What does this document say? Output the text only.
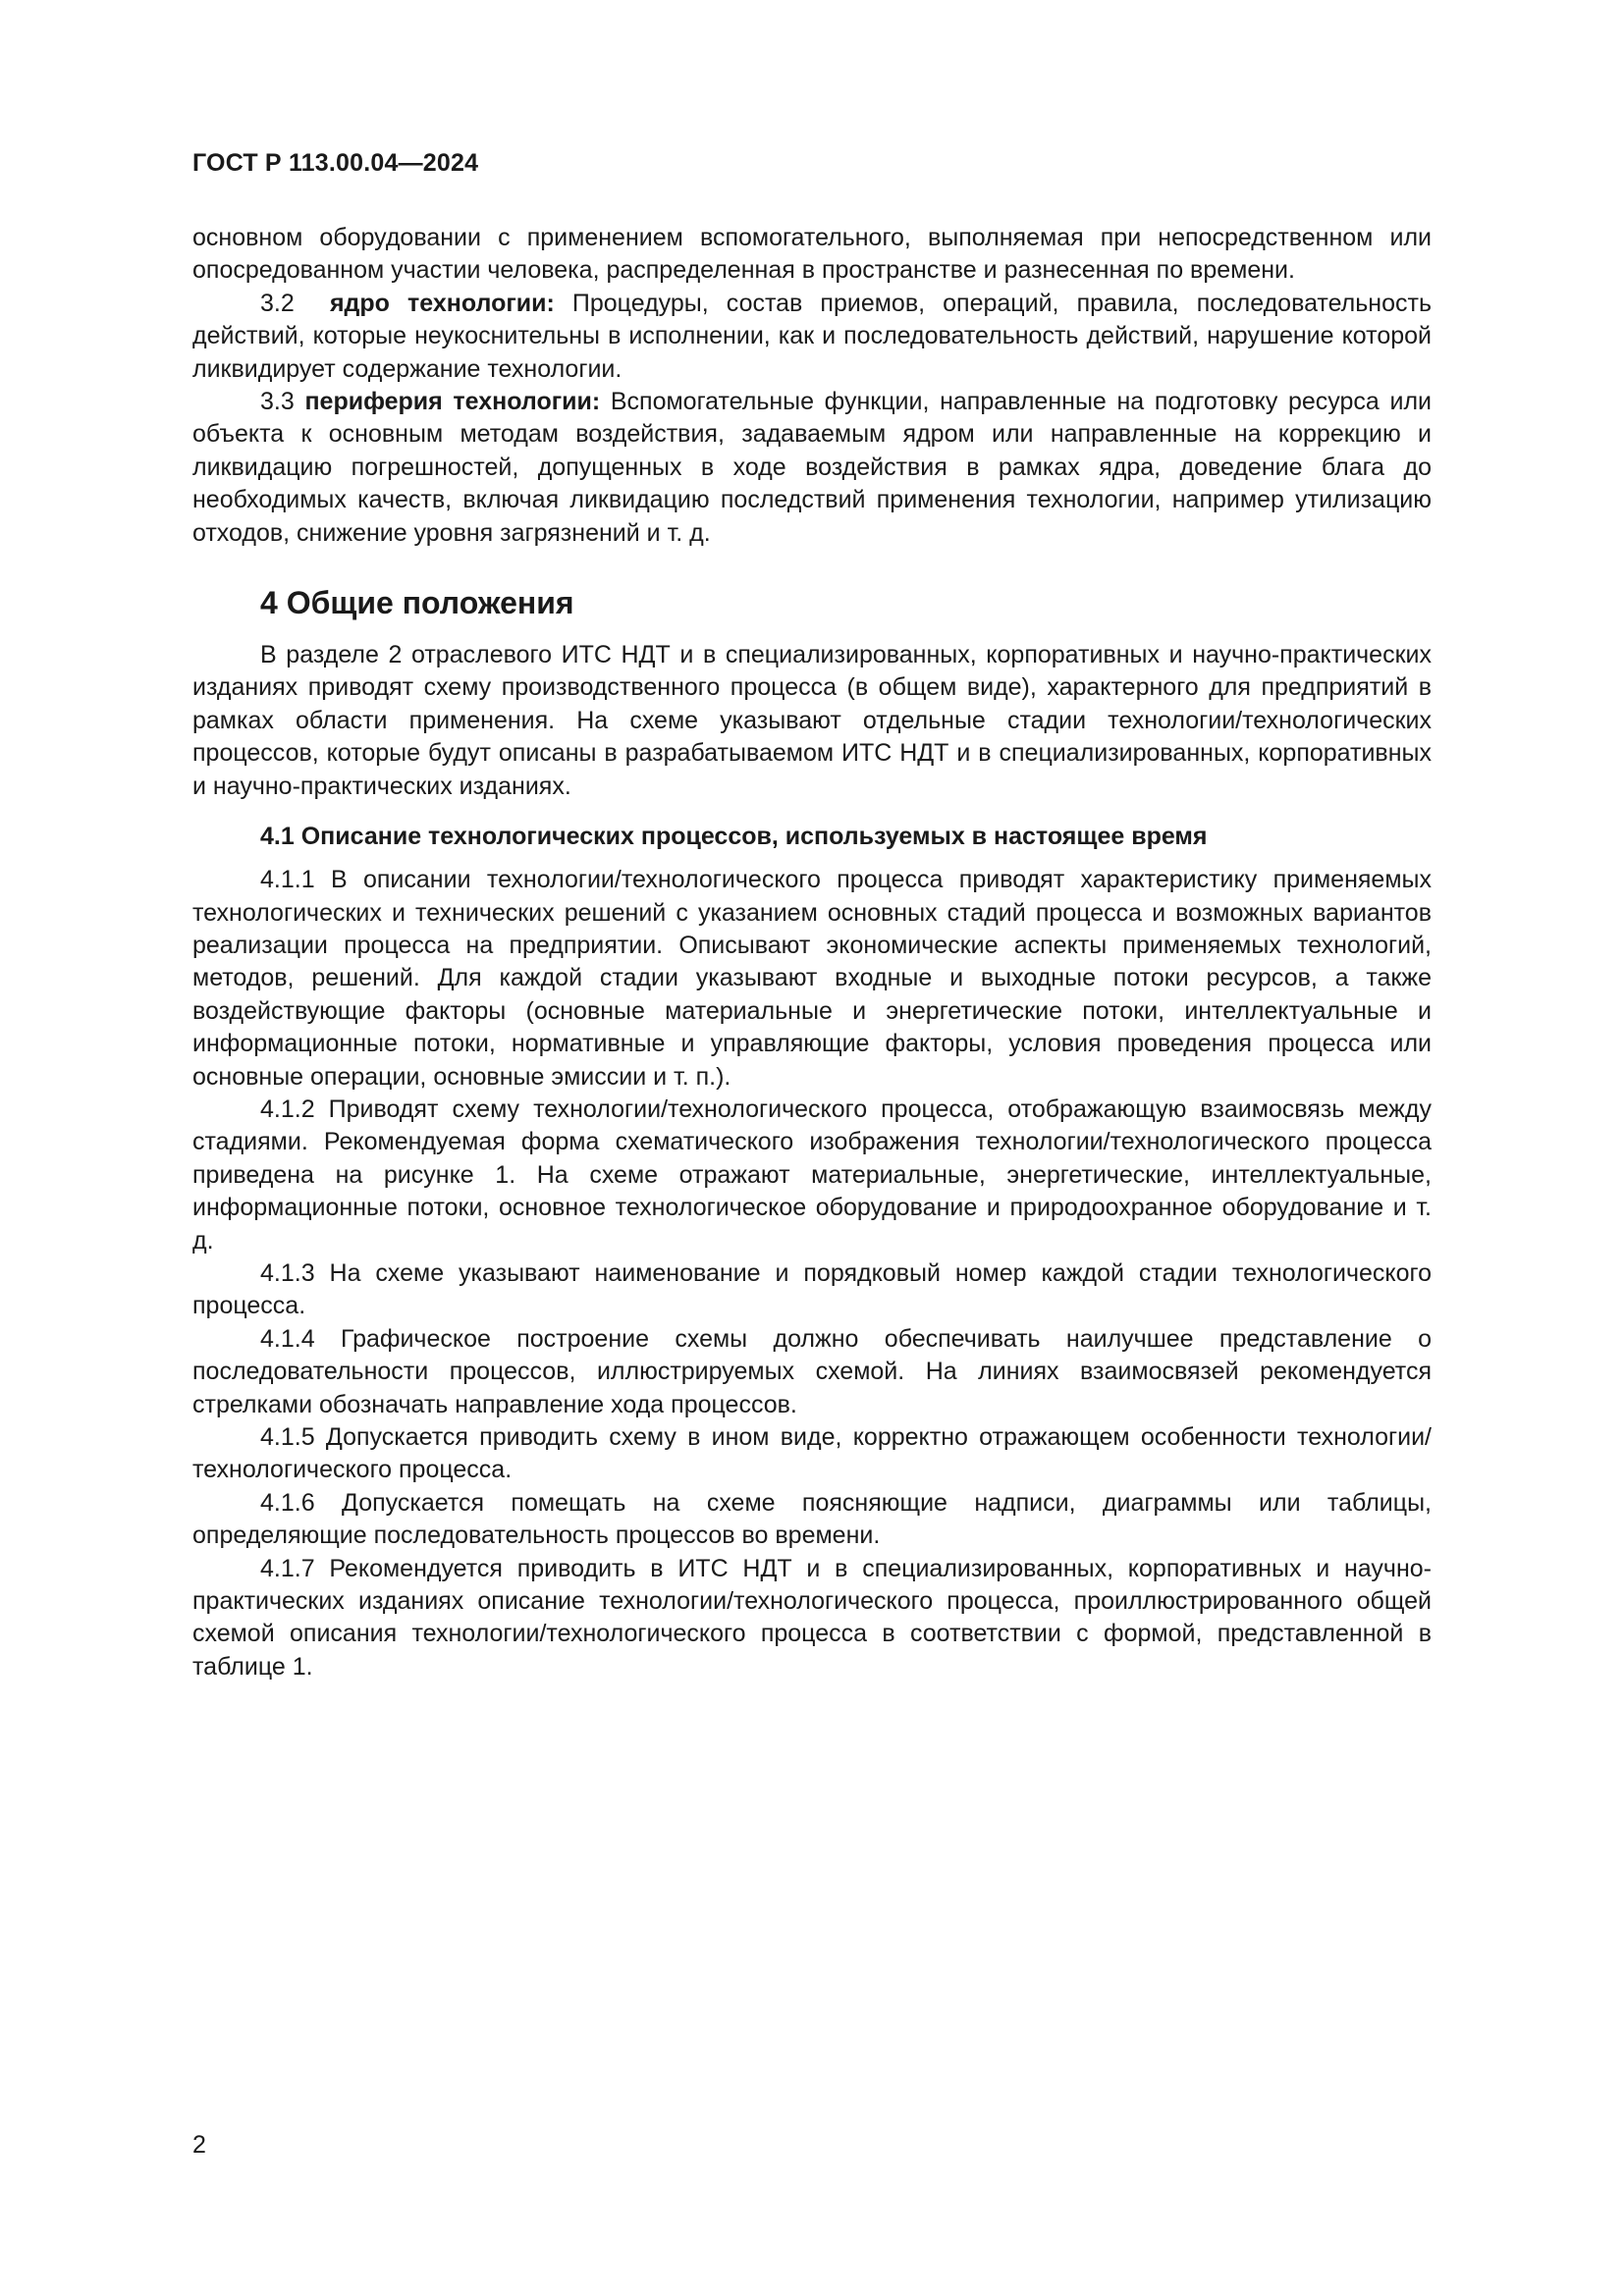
ГОСТ Р 113.00.04—2024

основном оборудовании с применением вспомогательного, выполняемая при непосредственном или опосредованном участии человека, распределенная в пространстве и разнесенная по времени.

3.2 ядро технологии: Процедуры, состав приемов, операций, правила, последовательность действий, которые неукоснительны в исполнении, как и последовательность действий, нарушение которой ликвидирует содержание технологии.

3.3 периферия технологии: Вспомогательные функции, направленные на подготовку ресурса или объекта к основным методам воздействия, задаваемым ядром или направленные на коррекцию и ликвидацию погрешностей, допущенных в ходе воздействия в рамках ядра, доведение блага до необходимых качеств, включая ликвидацию последствий применения технологии, например утилизацию отходов, снижение уровня загрязнений и т. д.

4 Общие положения

В разделе 2 отраслевого ИТС НДТ и в специализированных, корпоративных и научно-практических изданиях приводят схему производственного процесса (в общем виде), характерного для предприятий в рамках области применения. На схеме указывают отдельные стадии технологии/технологических процессов, которые будут описаны в разрабатываемом ИТС НДТ и в специализированных, корпоративных и научно-практических изданиях.

4.1 Описание технологических процессов, используемых в настоящее время

4.1.1 В описании технологии/технологического процесса приводят характеристику применяемых технологических и технических решений с указанием основных стадий процесса и возможных вариантов реализации процесса на предприятии. Описывают экономические аспекты применяемых технологий, методов, решений. Для каждой стадии указывают входные и выходные потоки ресурсов, а также воздействующие факторы (основные материальные и энергетические потоки, интеллектуальные и информационные потоки, нормативные и управляющие факторы, условия проведения процесса или основные операции, основные эмиссии и т. п.).

4.1.2 Приводят схему технологии/технологического процесса, отображающую взаимосвязь между стадиями. Рекомендуемая форма схематического изображения технологии/технологического процесса приведена на рисунке 1. На схеме отражают материальные, энергетические, интеллектуальные, информационные потоки, основное технологическое оборудование и природоохранное оборудование и т. д.

4.1.3 На схеме указывают наименование и порядковый номер каждой стадии технологического процесса.

4.1.4 Графическое построение схемы должно обеспечивать наилучшее представление о последовательности процессов, иллюстрируемых схемой. На линиях взаимосвязей рекомендуется стрелками обозначать направление хода процессов.

4.1.5 Допускается приводить схему в ином виде, корректно отражающем особенности технологии/технологического процесса.

4.1.6 Допускается помещать на схеме поясняющие надписи, диаграммы или таблицы, определяющие последовательность процессов во времени.

4.1.7 Рекомендуется приводить в ИТС НДТ и в специализированных, корпоративных и научно-практических изданиях описание технологии/технологического процесса, проиллюстрированного общей схемой описания технологии/технологического процесса в соответствии с формой, представленной в таблице 1.

2
